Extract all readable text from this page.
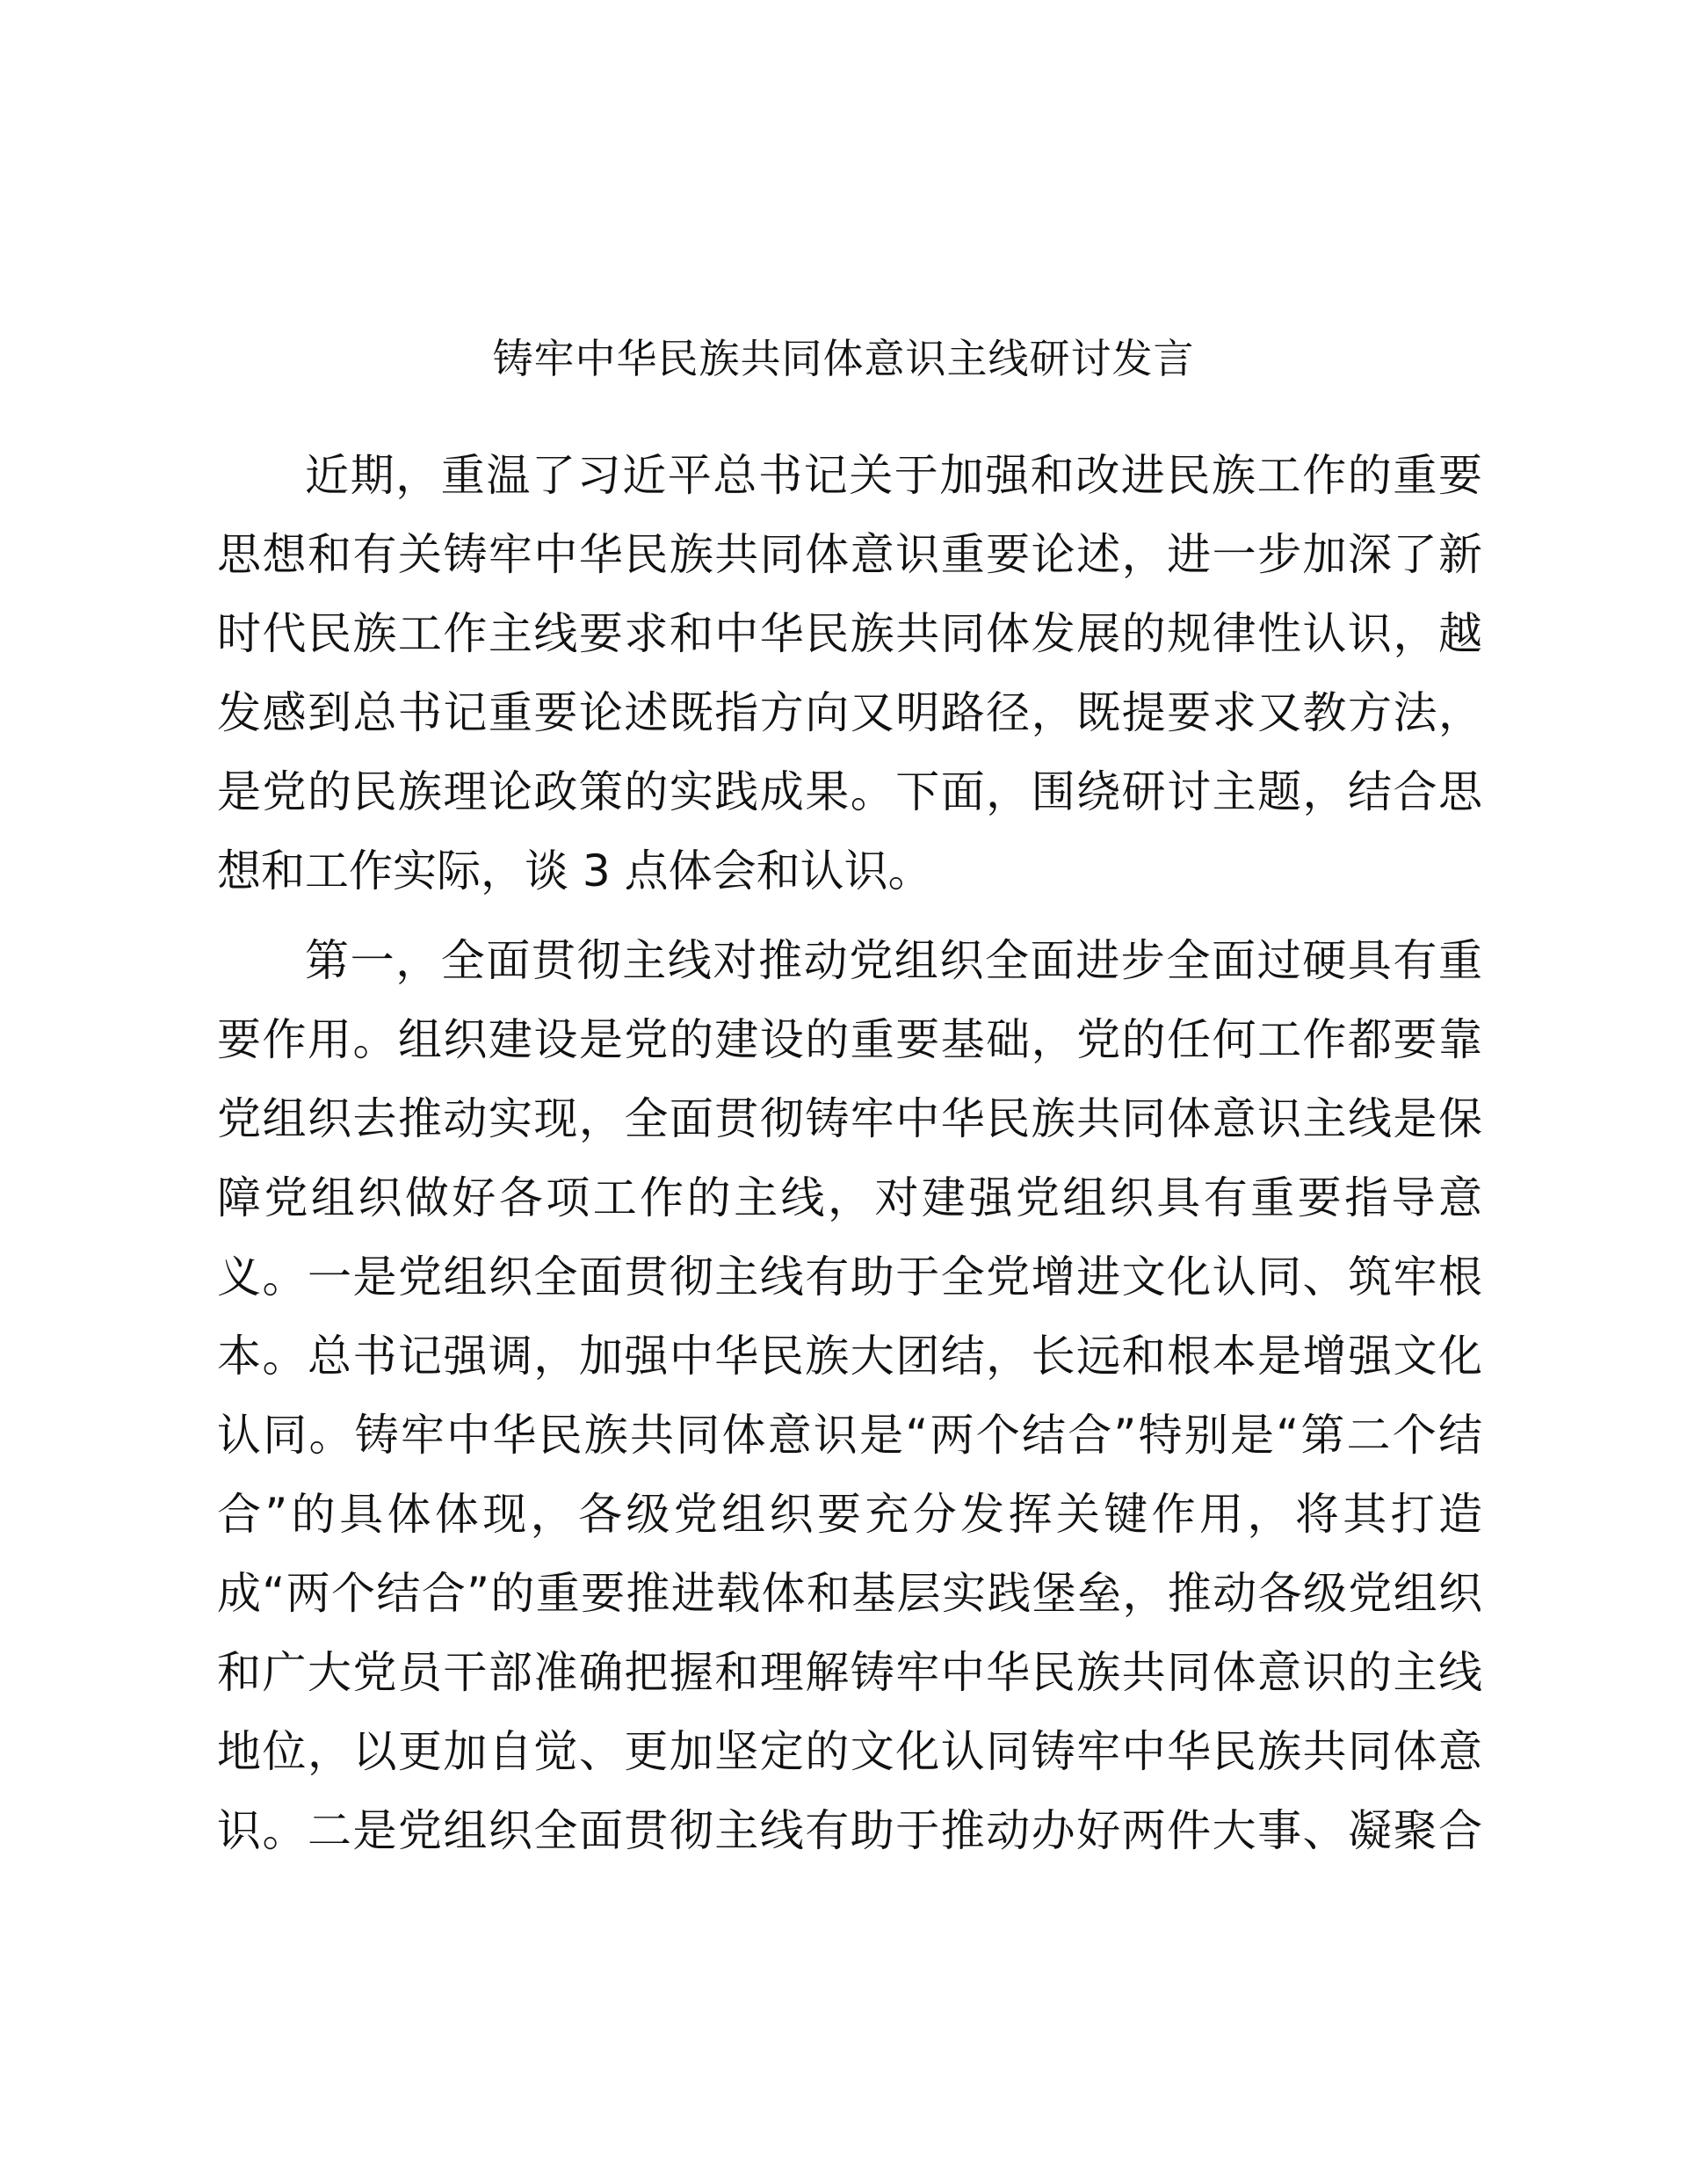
铸牢中华民族共同体意识主线研讨发言
近期，重温了习近平总书记关于加强和改进民族工作的重要
思想和有关铸牢中华民族共同体意识重要论述，进一步加深了新
时代民族工作主线要求和中华民族共同体发展的规律性认识，越
发感到总书记重要论述既指方向又明路径，既提要求又教方法，
是党的民族理论政策的实践成果。下面，围绕研讨主题，结合思
想和工作实际，谈 3 点体会和认识。
第一，全面贯彻主线对推动党组织全面进步全面过硬具有重
要作用。组织建设是党的建设的重要基础，党的任何工作都要靠
党组织去推动实现，全面贯彻铸牢中华民族共同体意识主线是保
障党组织做好各项工作的主线，对建强党组织具有重要指导意
义。一是党组织全面贯彻主线有助于全党增进文化认同、筑牢根
本。总书记强调，加强中华民族大团结，长远和根本是增强文化
认同。铸牢中华民族共同体意识是“两个结合”特别是“第二个结
合”的具体体现，各级党组织要充分发挥关键作用，将其打造
成“两个结合”的重要推进载体和基层实践堡垒，推动各级党组织
和广大党员干部准确把握和理解铸牢中华民族共同体意识的主线
地位，以更加自觉、更加坚定的文化认同铸牢中华民族共同体意
识。二是党组织全面贯彻主线有助于推动办好两件大事、凝聚合
